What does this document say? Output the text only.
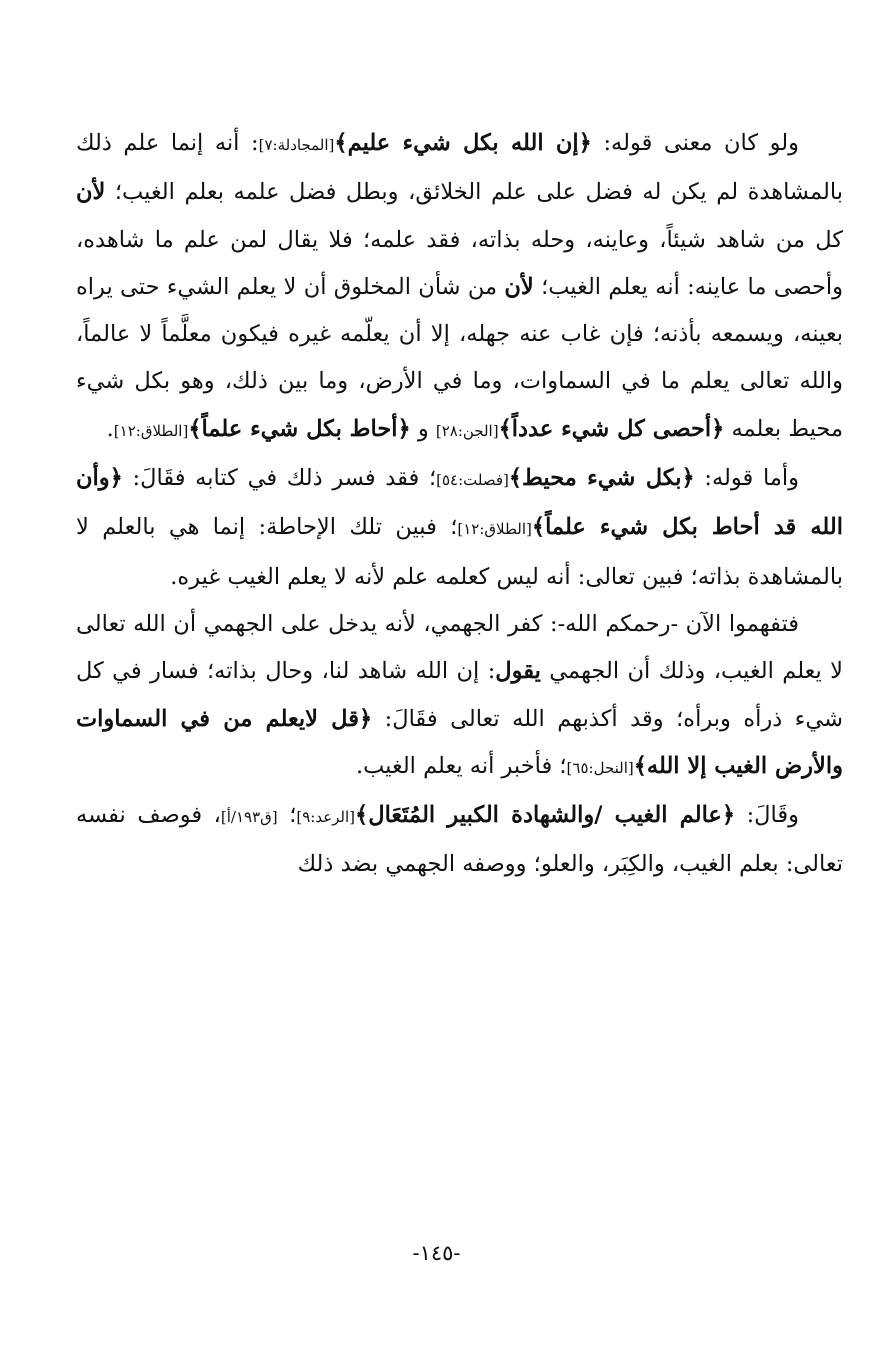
ولو كان معنى قوله: ﴿إن الله بكل شيء عليم﴾[المجادلة:٧]: أنه إنما علم ذلك بالمشاهدة لم يكن له فضل على علم الخلائق، وبطل فضل علمه بعلم الغيب؛ لأن كل من شاهد شيئاً، وعاينه، وحله بذاته، فقد علمه؛ فلا يقال لمن علم ما شاهده، وأحصى ما عاينه: أنه يعلم الغيب؛ لأن من شأن المخلوق أن لا يعلم الشيء حتى يراه بعينه، ويسمعه بأذنه؛ فإن غاب عنه جهله، إلا أن يعلّمه غيره فيكون معلَّماً لا عالماً، والله تعالى يعلم ما في السماوات، وما في الأرض، وما بين ذلك، وهو بكل شيء محيط بعلمه ﴿أحصى كل شيء عدداً﴾[الجن:٢٨] و ﴿أحاط بكل شيء علماً﴾[الطلاق:١٢].

وأما قوله: ﴿بكل شيء محيط﴾[فصلت:٥٤]؛ فقد فسر ذلك في كتابه فقَالَ: ﴿وأن الله قد أحاط بكل شيء علماً﴾[الطلاق:١٢]؛ فبين تلك الإحاطة: إنما هي بالعلم لا بالمشاهدة بذاته؛ فبين تعالى: أنه ليس كعلمه علم لأنه لا يعلم الغيب غيره.

فتفهموا الآن -رحمكم الله-: كفر الجهمي، لأنه يدخل على الجهمي أن الله تعالى لا يعلم الغيب، وذلك أن الجهمي يقول: إن الله شاهد لنا، وحال بذاته؛ فسار في كل شيء ذرأه وبرأه؛ وقد أكذبهم الله تعالى فقَالَ: ﴿قل لايعلم من في السماوات والأرض الغيب إلا الله﴾[النحل:٦٥]؛ فأخبر أنه يعلم الغيب.

وقَالَ: ﴿عالم الغيب /والشهادة الكبير المُتَعَال﴾[الرعد:٩]؛ [ق١٩٣/أ]، فوصف نفسه تعالى: بعلم الغيب، والكِبَر، والعلو؛ ووصفه الجهمي بضد ذلك

-١٤٥-
